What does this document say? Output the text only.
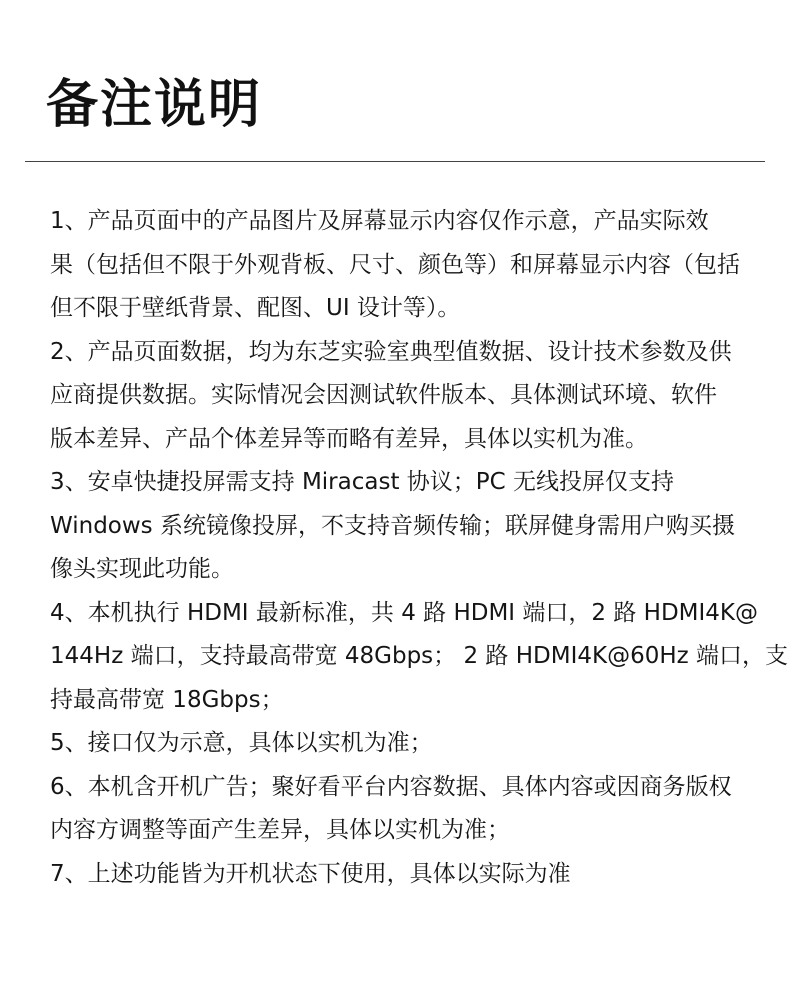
备注说明
1、产品页面中的产品图片及屏幕显示内容仅作示意，产品实际效
果（包括但不限于外观背板、尺寸、颜色等）和屏幕显示内容（包括
但不限于壁纸背景、配图、UI 设计等）。
2、产品页面数据，均为东芝实验室典型值数据、设计技术参数及供
应商提供数据。实际情况会因测试软件版本、具体测试环境、软件
版本差异、产品个体差异等而略有差异，具体以实机为准。
3、安卓快捷投屏需支持 Miracast 协议；PC 无线投屏仅支持
Windows 系统镜像投屏，不支持音频传输；联屏健身需用户购买摄
像头实现此功能。
4、本机执行 HDMI 最新标准，共 4 路 HDMI 端口，2 路 HDMI4K@
144Hz 端口，支持最高带宽 48Gbps； 2 路 HDMI4K@60Hz 端口，支
持最高带宽 18Gbps；
5、接口仅为示意，具体以实机为准；
6、本机含开机广告；聚好看平台内容数据、具体内容或因商务版权
内容方调整等面产生差异，具体以实机为准；
7、上述功能皆为开机状态下使用，具体以实际为准
